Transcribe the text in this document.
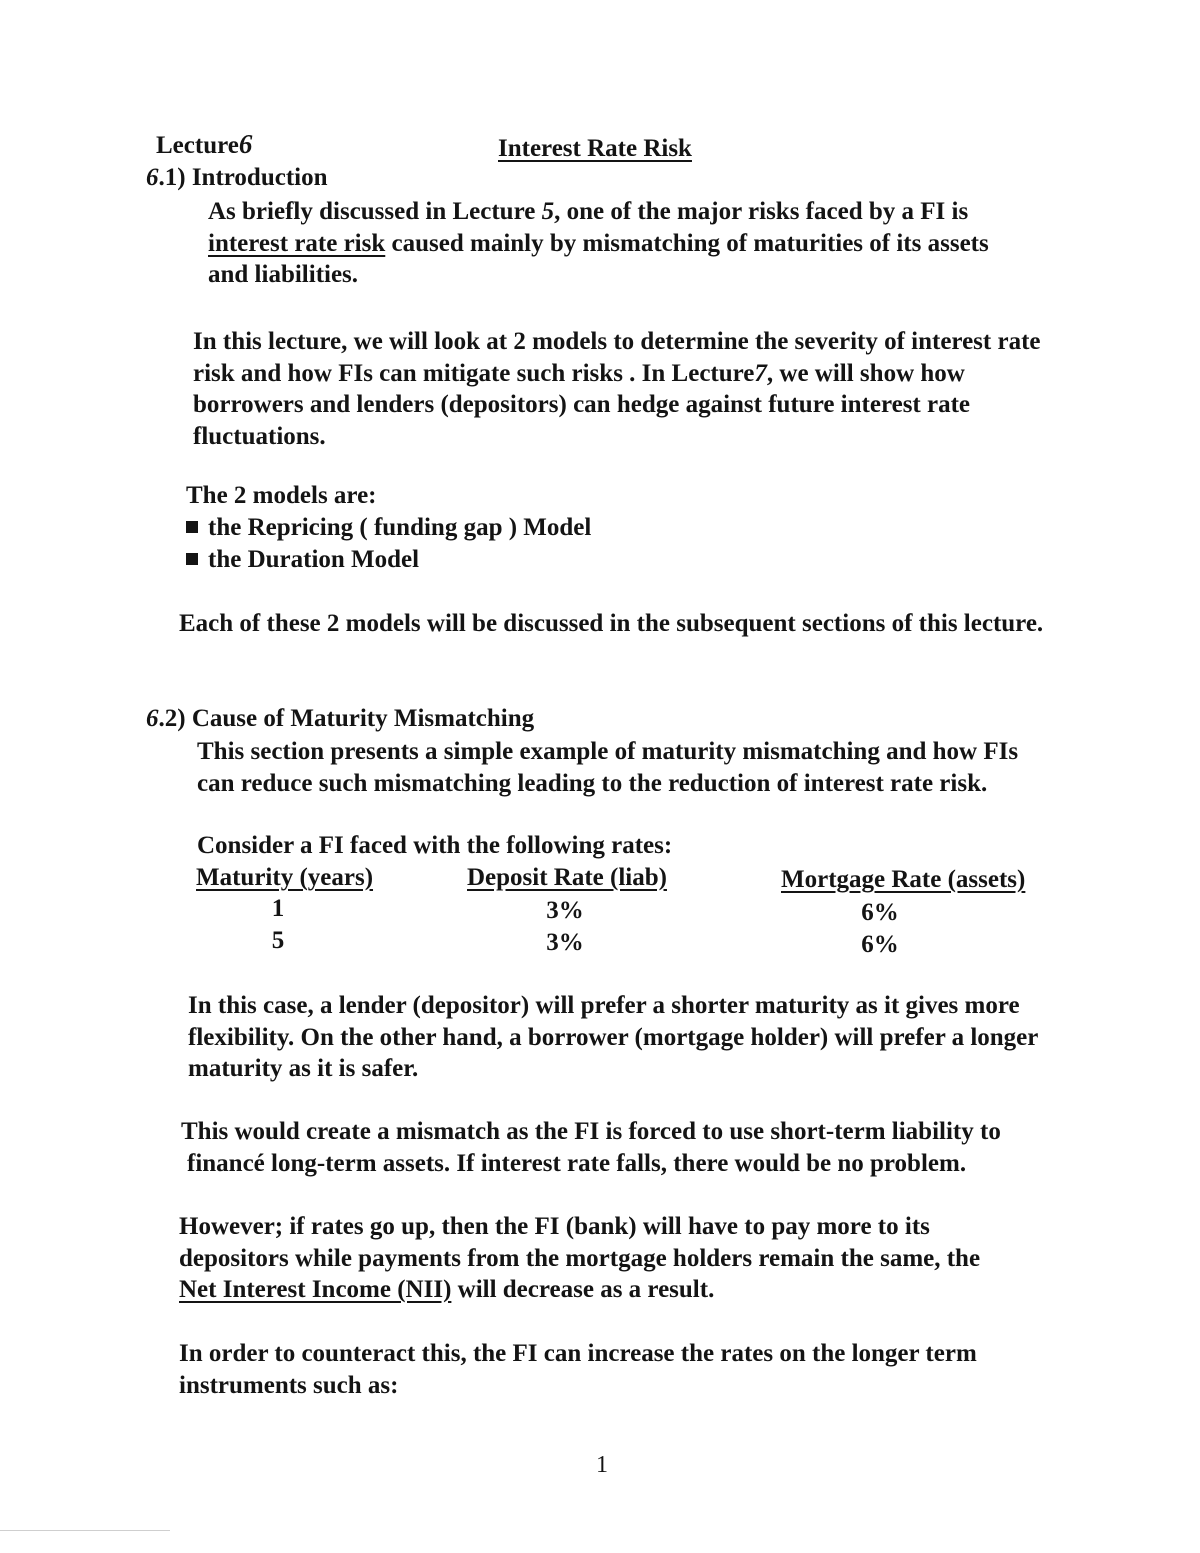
Lecture6	Interest Rate Risk
6.1) Introduction
As briefly discussed in Lecture 5, one of the major risks faced by a FI is
interest rate risk caused mainly by mismatching of maturities of its assets
and liabilities.
In this lecture, we will look at 2 models to determine the severity of interest rate
risk and how FIs can mitigate such risks . In Lecture7, we will show how
borrowers and lenders (depositors) can hedge against future interest rate
fluctuations.
The 2 models are:
the Repricing ( funding gap ) Model
the Duration Model
Each of these 2 models will be discussed in the subsequent sections of this lecture.
6.2) Cause of Maturity Mismatching
This section presents a simple example of maturity mismatching and how FIs
can reduce such mismatching leading to the reduction of interest rate risk.
Consider a FI faced with the following rates:
Maturity (years)	Deposit Rate (liab)	Mortgage Rate (assets)
1	3%	6%
5	3%	6%
In this case, a lender (depositor) will prefer a shorter maturity as it gives more
flexibility. On the other hand, a borrower (mortgage holder) will prefer a longer
maturity as it is safer.
This would create a mismatch as the FI is forced to use short-term liability to
financé long-term assets. If interest rate falls, there would be no problem.
However; if rates go up, then the FI (bank) will have to pay more to its
depositors while payments from the mortgage holders remain the same, the
Net Interest Income (NII) will decrease as a result.
In order to counteract this, the FI can increase the rates on the longer term
instruments such as:
1
